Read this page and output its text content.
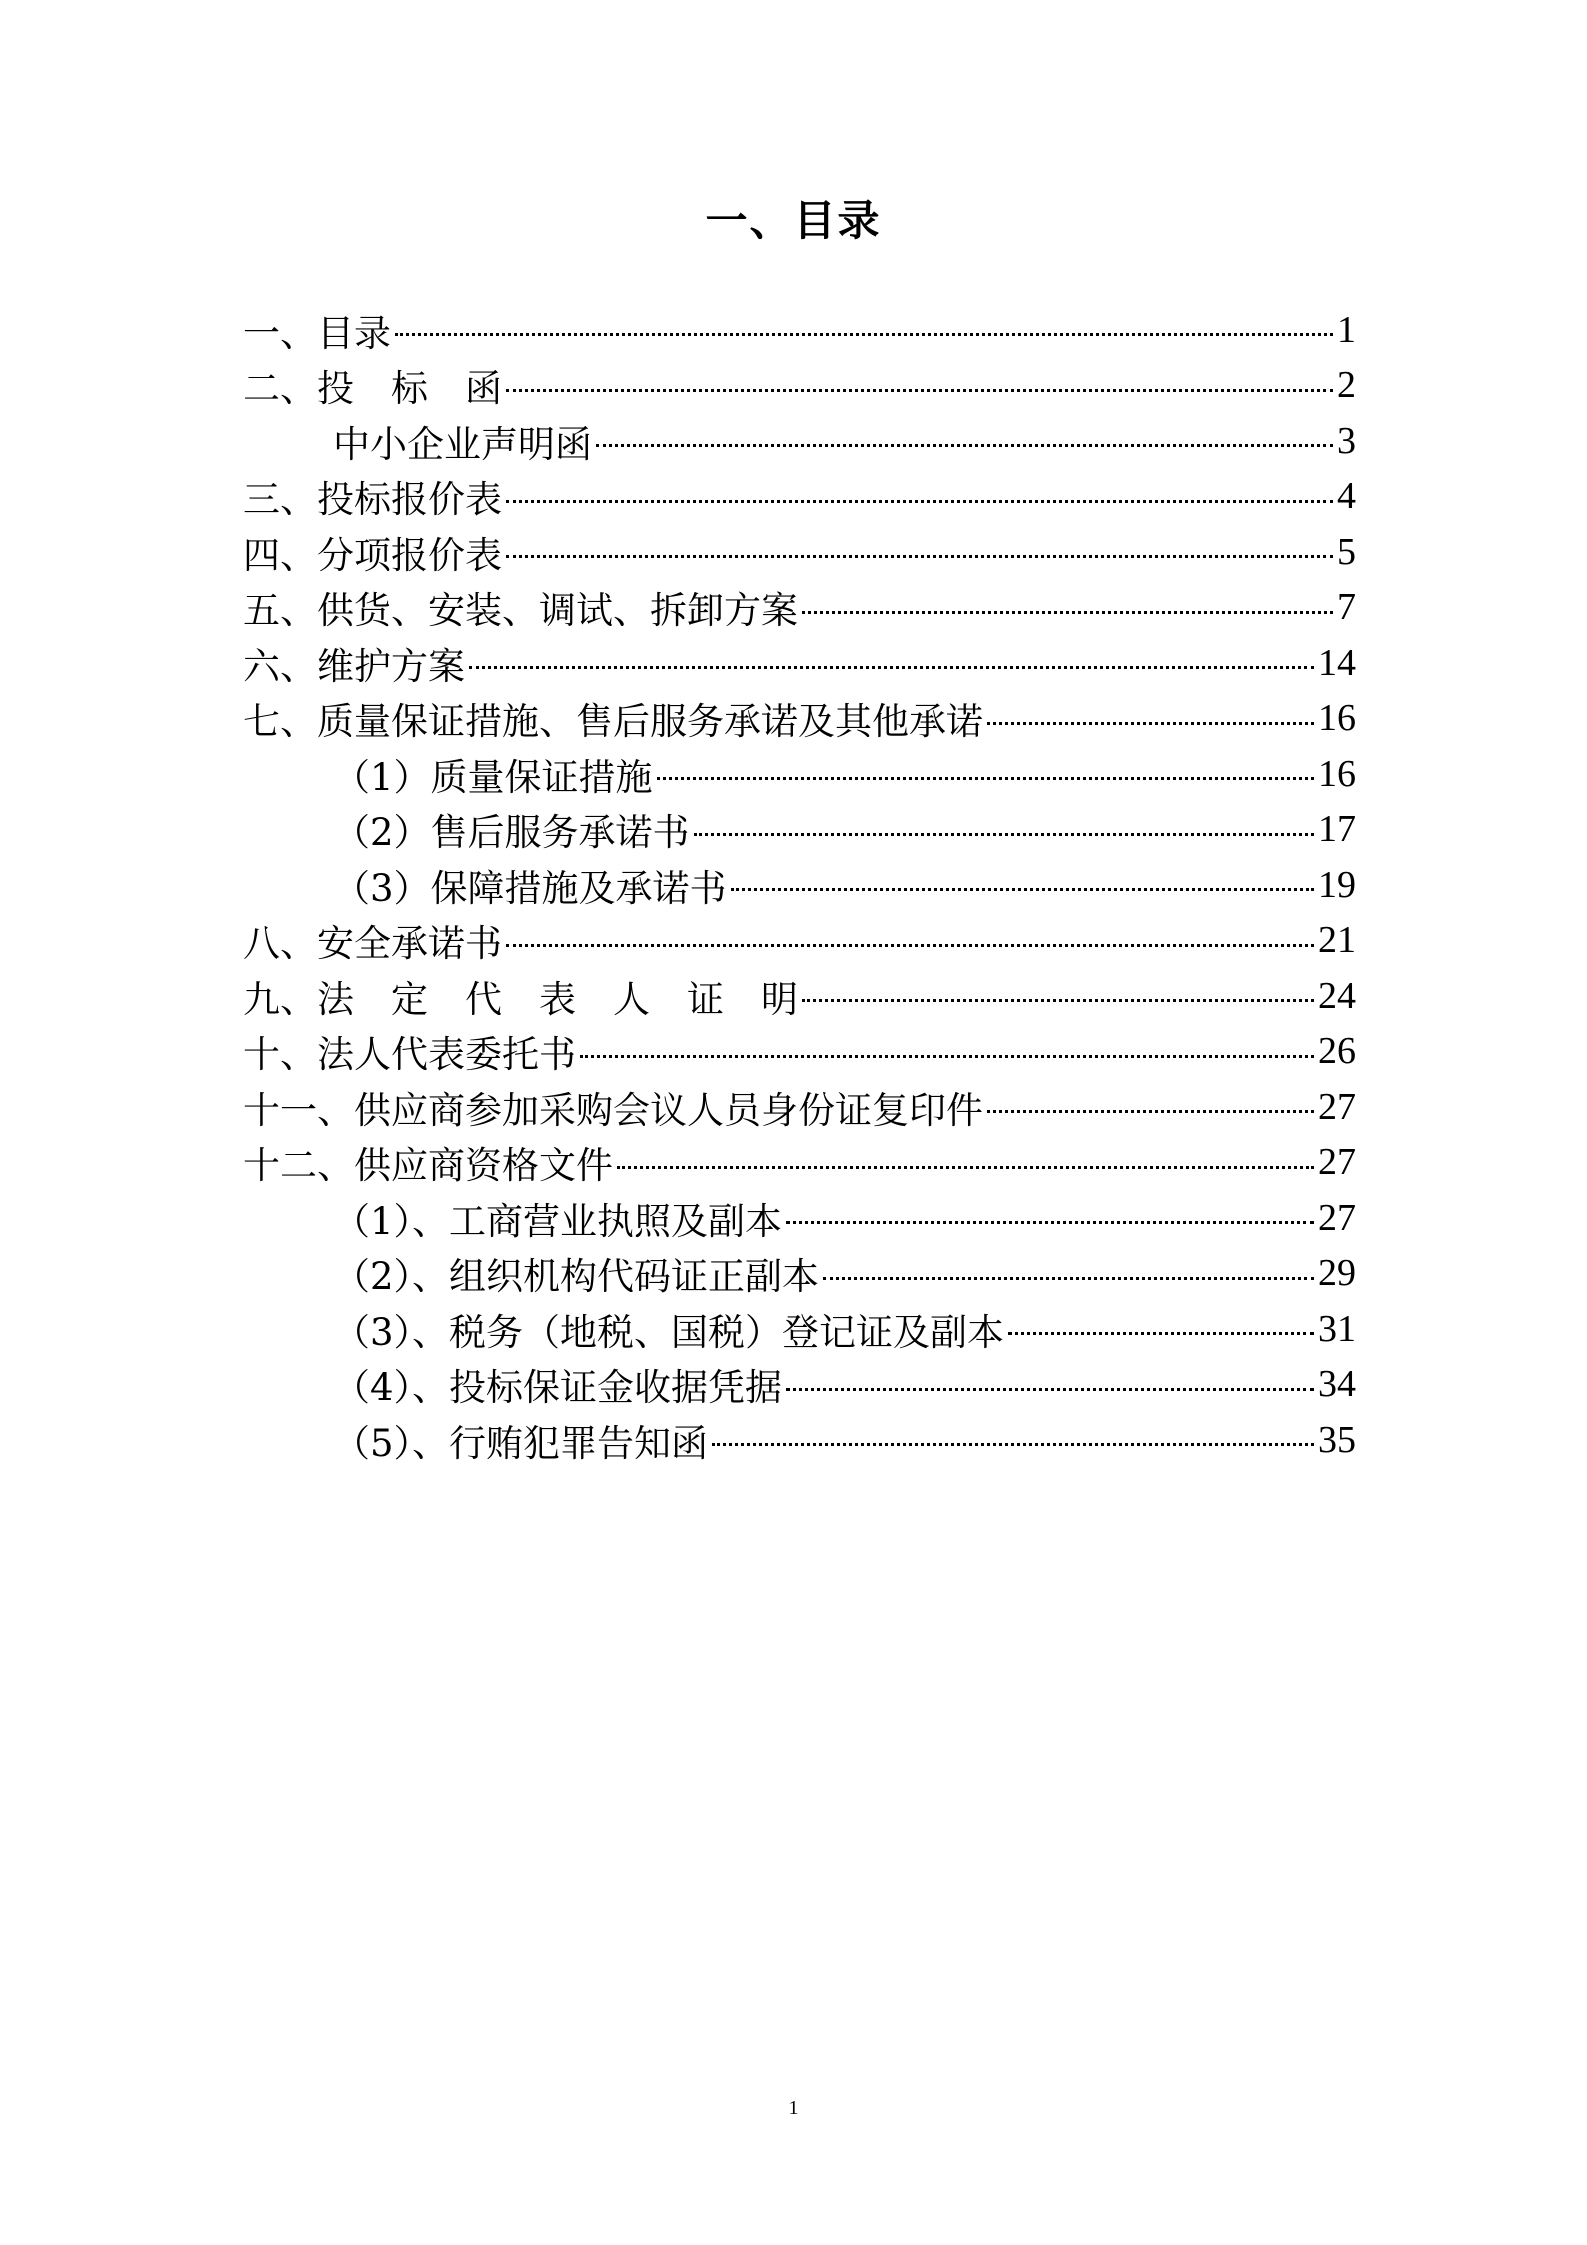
一、目录
一、目录	1
二、投　标　函	2
中小企业声明函	3
三、投标报价表	4
四、分项报价表	5
五、供货、安装、调试、拆卸方案	7
六、维护方案	14
七、质量保证措施、售后服务承诺及其他承诺	16
（1）质量保证措施	16
（2）售后服务承诺书	17
（3）保障措施及承诺书	19
八、安全承诺书	21
九、法　定　代　表　人　证　明	24
十、法人代表委托书	26
十一、供应商参加采购会议人员身份证复印件	27
十二、供应商资格文件	27
（1）、工商营业执照及副本	27
（2）、组织机构代码证正副本	29
（3）、税务（地税、国税）登记证及副本	31
（4）、投标保证金收据凭据	34
（5）、行贿犯罪告知函	35
1
